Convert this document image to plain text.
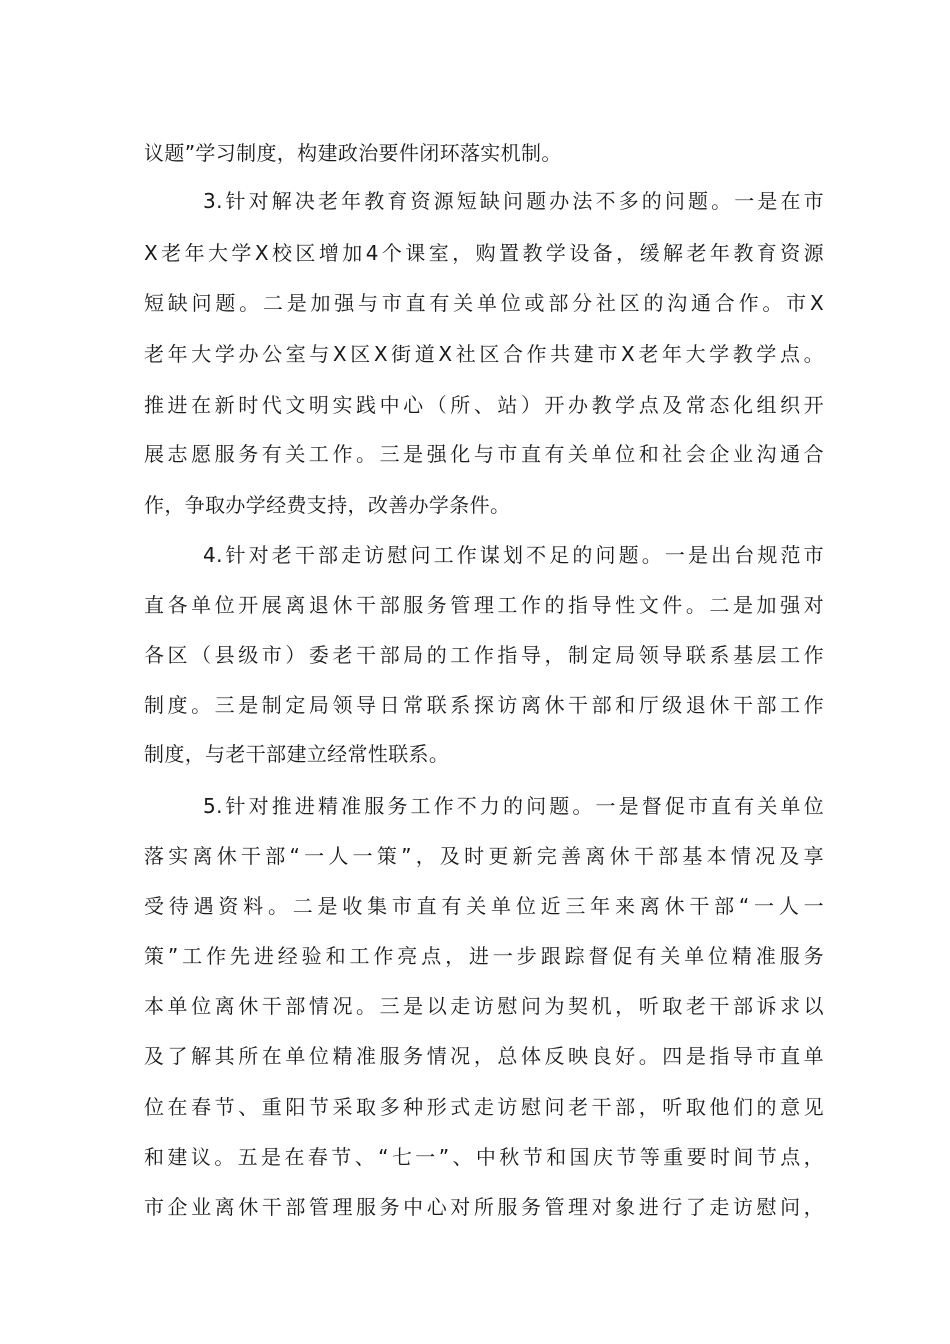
议题”学习制度，构建政治要件闭环落实机制。
3.针对解决老年教育资源短缺问题办法不多的问题。一是在市
X老年大学X校区增加4个课室，购置教学设备，缓解老年教育资源
短缺问题。二是加强与市直有关单位或部分社区的沟通合作。市X
老年大学办公室与X区X街道X社区合作共建市X老年大学教学点。
推进在新时代文明实践中心（所、站）开办教学点及常态化组织开
展志愿服务有关工作。三是强化与市直有关单位和社会企业沟通合
作，争取办学经费支持，改善办学条件。
4.针对老干部走访慰问工作谋划不足的问题。一是出台规范市
直各单位开展离退休干部服务管理工作的指导性文件。二是加强对
各区（县级市）委老干部局的工作指导，制定局领导联系基层工作
制度。三是制定局领导日常联系探访离休干部和厅级退休干部工作
制度，与老干部建立经常性联系。
5.针对推进精准服务工作不力的问题。一是督促市直有关单位
落实离休干部“一人一策”，及时更新完善离休干部基本情况及享
受待遇资料。二是收集市直有关单位近三年来离休干部“一人一
策”工作先进经验和工作亮点，进一步跟踪督促有关单位精准服务
本单位离休干部情况。三是以走访慰问为契机，听取老干部诉求以
及了解其所在单位精准服务情况，总体反映良好。四是指导市直单
位在春节、重阳节采取多种形式走访慰问老干部，听取他们的意见
和建议。五是在春节、“七一”、中秋节和国庆节等重要时间节点，
市企业离休干部管理服务中心对所服务管理对象进行了走访慰问，
